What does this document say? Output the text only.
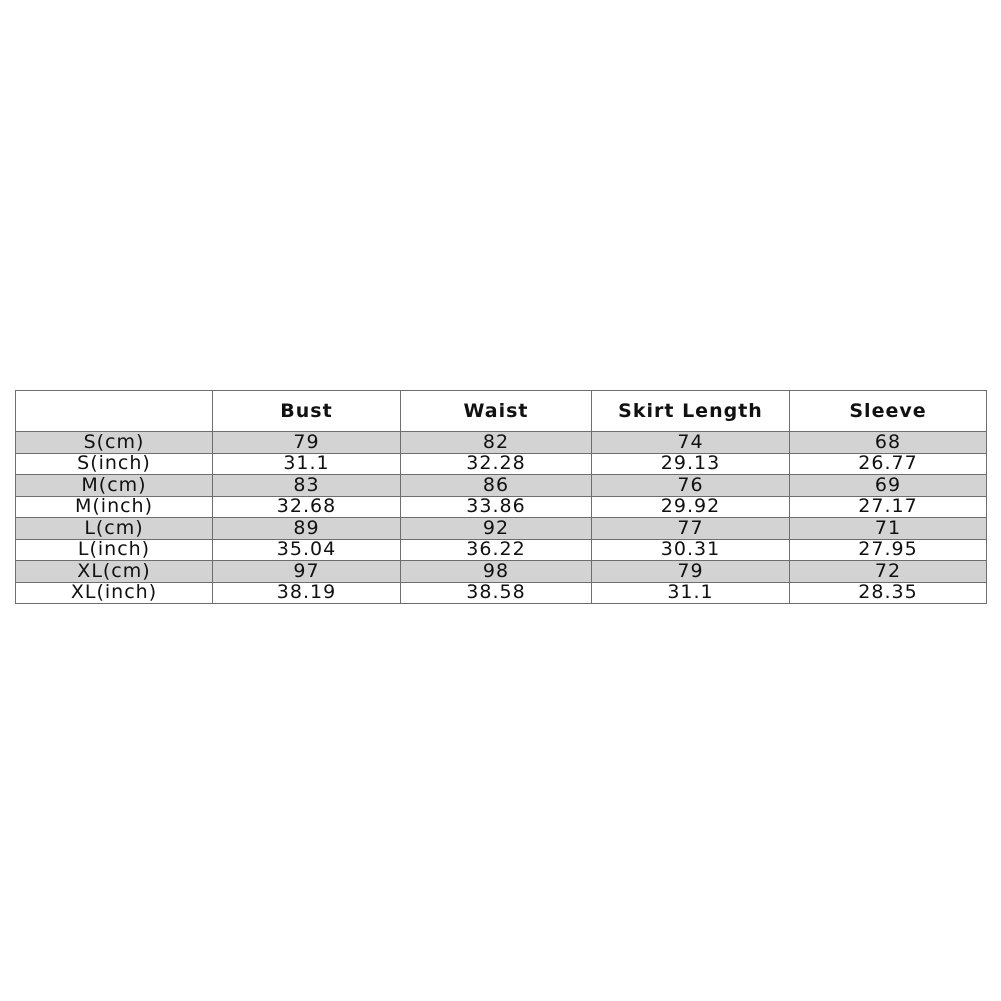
	Bust	Waist	Skirt Length	Sleeve
S(cm)	79	82	74	68
S(inch)	31.1	32.28	29.13	26.77
M(cm)	83	86	76	69
M(inch)	32.68	33.86	29.92	27.17
L(cm)	89	92	77	71
L(inch)	35.04	36.22	30.31	27.95
XL(cm)	97	98	79	72
XL(inch)	38.19	38.58	31.1	28.35
